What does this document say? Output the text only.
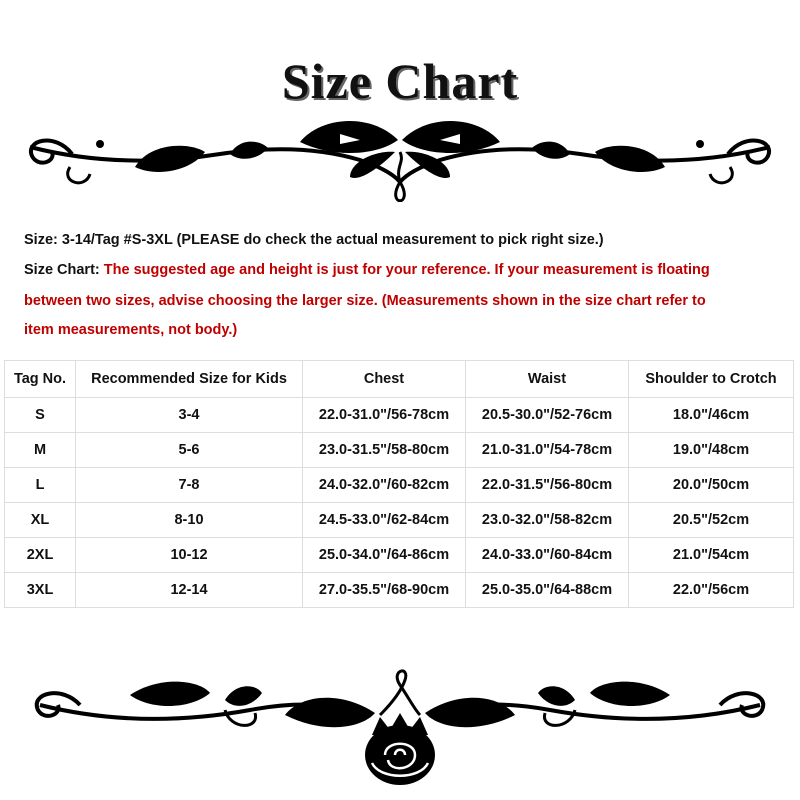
Size Chart
Size: 3-14/Tag #S-3XL (PLEASE do check the actual measurement to pick right size.)
Size Chart: The suggested age and height is just for your reference. If your measurement is floating
between two sizes, advise choosing the larger size. (Measurements shown in the size chart refer to
item measurements, not body.)
Tag No.	Recommended Size for Kids	Chest	Waist	Shoulder to Crotch
S	3-4	22.0-31.0"/56-78cm	20.5-30.0"/52-76cm	18.0"/46cm
M	5-6	23.0-31.5"/58-80cm	21.0-31.0"/54-78cm	19.0"/48cm
L	7-8	24.0-32.0"/60-82cm	22.0-31.5"/56-80cm	20.0"/50cm
XL	8-10	24.5-33.0"/62-84cm	23.0-32.0"/58-82cm	20.5"/52cm
2XL	10-12	25.0-34.0"/64-86cm	24.0-33.0"/60-84cm	21.0"/54cm
3XL	12-14	27.0-35.5"/68-90cm	25.0-35.0"/64-88cm	22.0"/56cm
